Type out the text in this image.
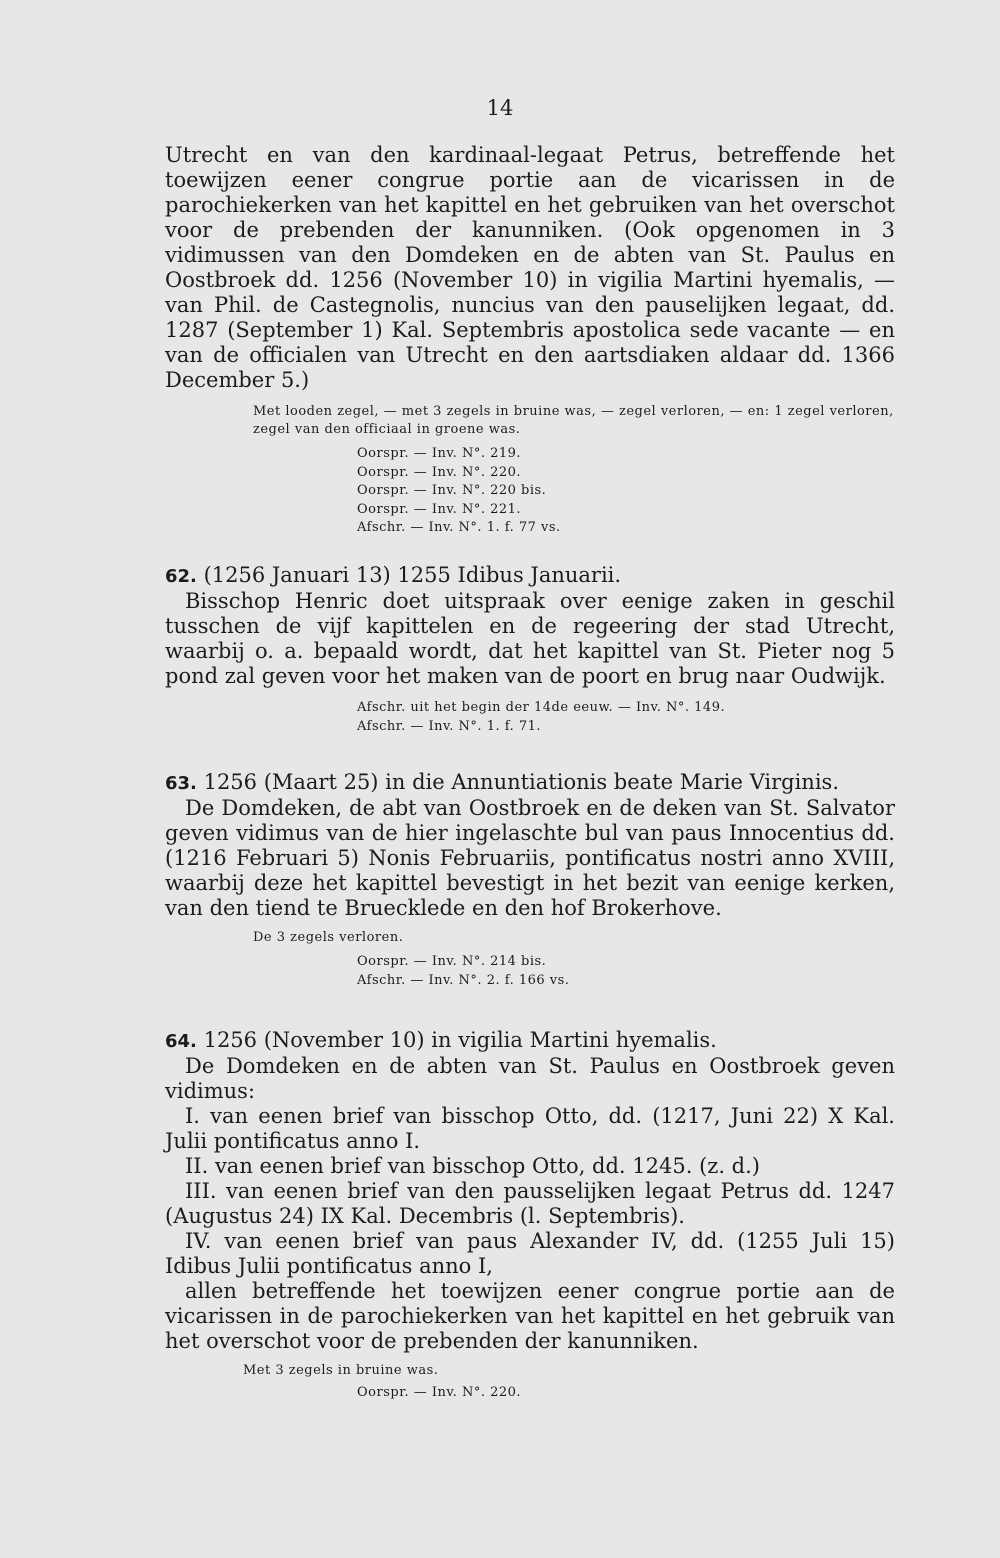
14

Utrecht en van den kardinaal-legaat Petrus, betreffende het toewijzen eener congrue portie aan de vicarissen in de parochiekerken van het kapittel en het gebruiken van het overschot voor de prebenden der kanunniken. (Ook opgenomen in 3 vidimussen van den Domdeken en de abten van St. Paulus en Oostbroek dd. 1256 (November 10) in vigilia Martini hyemalis, — van Phil. de Castegnolis, nuncius van den pauselijken legaat, dd. 1287 (September 1) Kal. Septembris apostolica sede vacante — en van de officialen van Utrecht en den aartsdiaken aldaar dd. 1366 December 5.)

Met looden zegel, — met 3 zegels in bruine was, — zegel verloren, — en: 1 zegel verloren, zegel van den officiaal in groene was.

Oorspr. — Inv. N°. 219.

Oorspr. — Inv. N°. 220.

Oorspr. — Inv. N°. 220 bis.

Oorspr. — Inv. N°. 221.

Afschr. — Inv. N°. 1. f. 77 vs.

62. (1256 Januari 13) 1255 Idibus Januarii.

Bisschop Henric doet uitspraak over eenige zaken in geschil tusschen de vijf kapittelen en de regeering der stad Utrecht, waarbij o. a. bepaald wordt, dat het kapittel van St. Pieter nog 5 pond zal geven voor het maken van de poort en brug naar Oudwijk.

Afschr. uit het begin der 14de eeuw. — Inv. N°. 149.

Afschr. — Inv. N°. 1. f. 71.

63. 1256 (Maart 25) in die Annuntiationis beate Marie Virginis.

De Domdeken, de abt van Oostbroek en de deken van St. Salvator geven vidimus van de hier ingelaschte bul van paus Innocentius dd. (1216 Februari 5) Nonis Februariis, pontificatus nostri anno XVIII, waarbij deze het kapittel bevestigt in het bezit van eenige kerken, van den tiend te Bruecklede en den hof Brokerhove.

De 3 zegels verloren.

Oorspr. — Inv. N°. 214 bis.

Afschr. — Inv. N°. 2. f. 166 vs.

64. 1256 (November 10) in vigilia Martini hyemalis.

De Domdeken en de abten van St. Paulus en Oostbroek geven vidimus:

I. van eenen brief van bisschop Otto, dd. (1217, Juni 22) X Kal. Julii pontificatus anno I.

II. van eenen brief van bisschop Otto, dd. 1245. (z. d.)

III. van eenen brief van den pausselijken legaat Petrus dd. 1247 (Augustus 24) IX Kal. Decembris (l. Septembris).

IV. van eenen brief van paus Alexander IV, dd. (1255 Juli 15) Idibus Julii pontificatus anno I,

allen betreffende het toewijzen eener congrue portie aan de vicarissen in de parochiekerken van het kapittel en het gebruik van het overschot voor de prebenden der kanunniken.

Met 3 zegels in bruine was.

Oorspr. — Inv. N°. 220.
